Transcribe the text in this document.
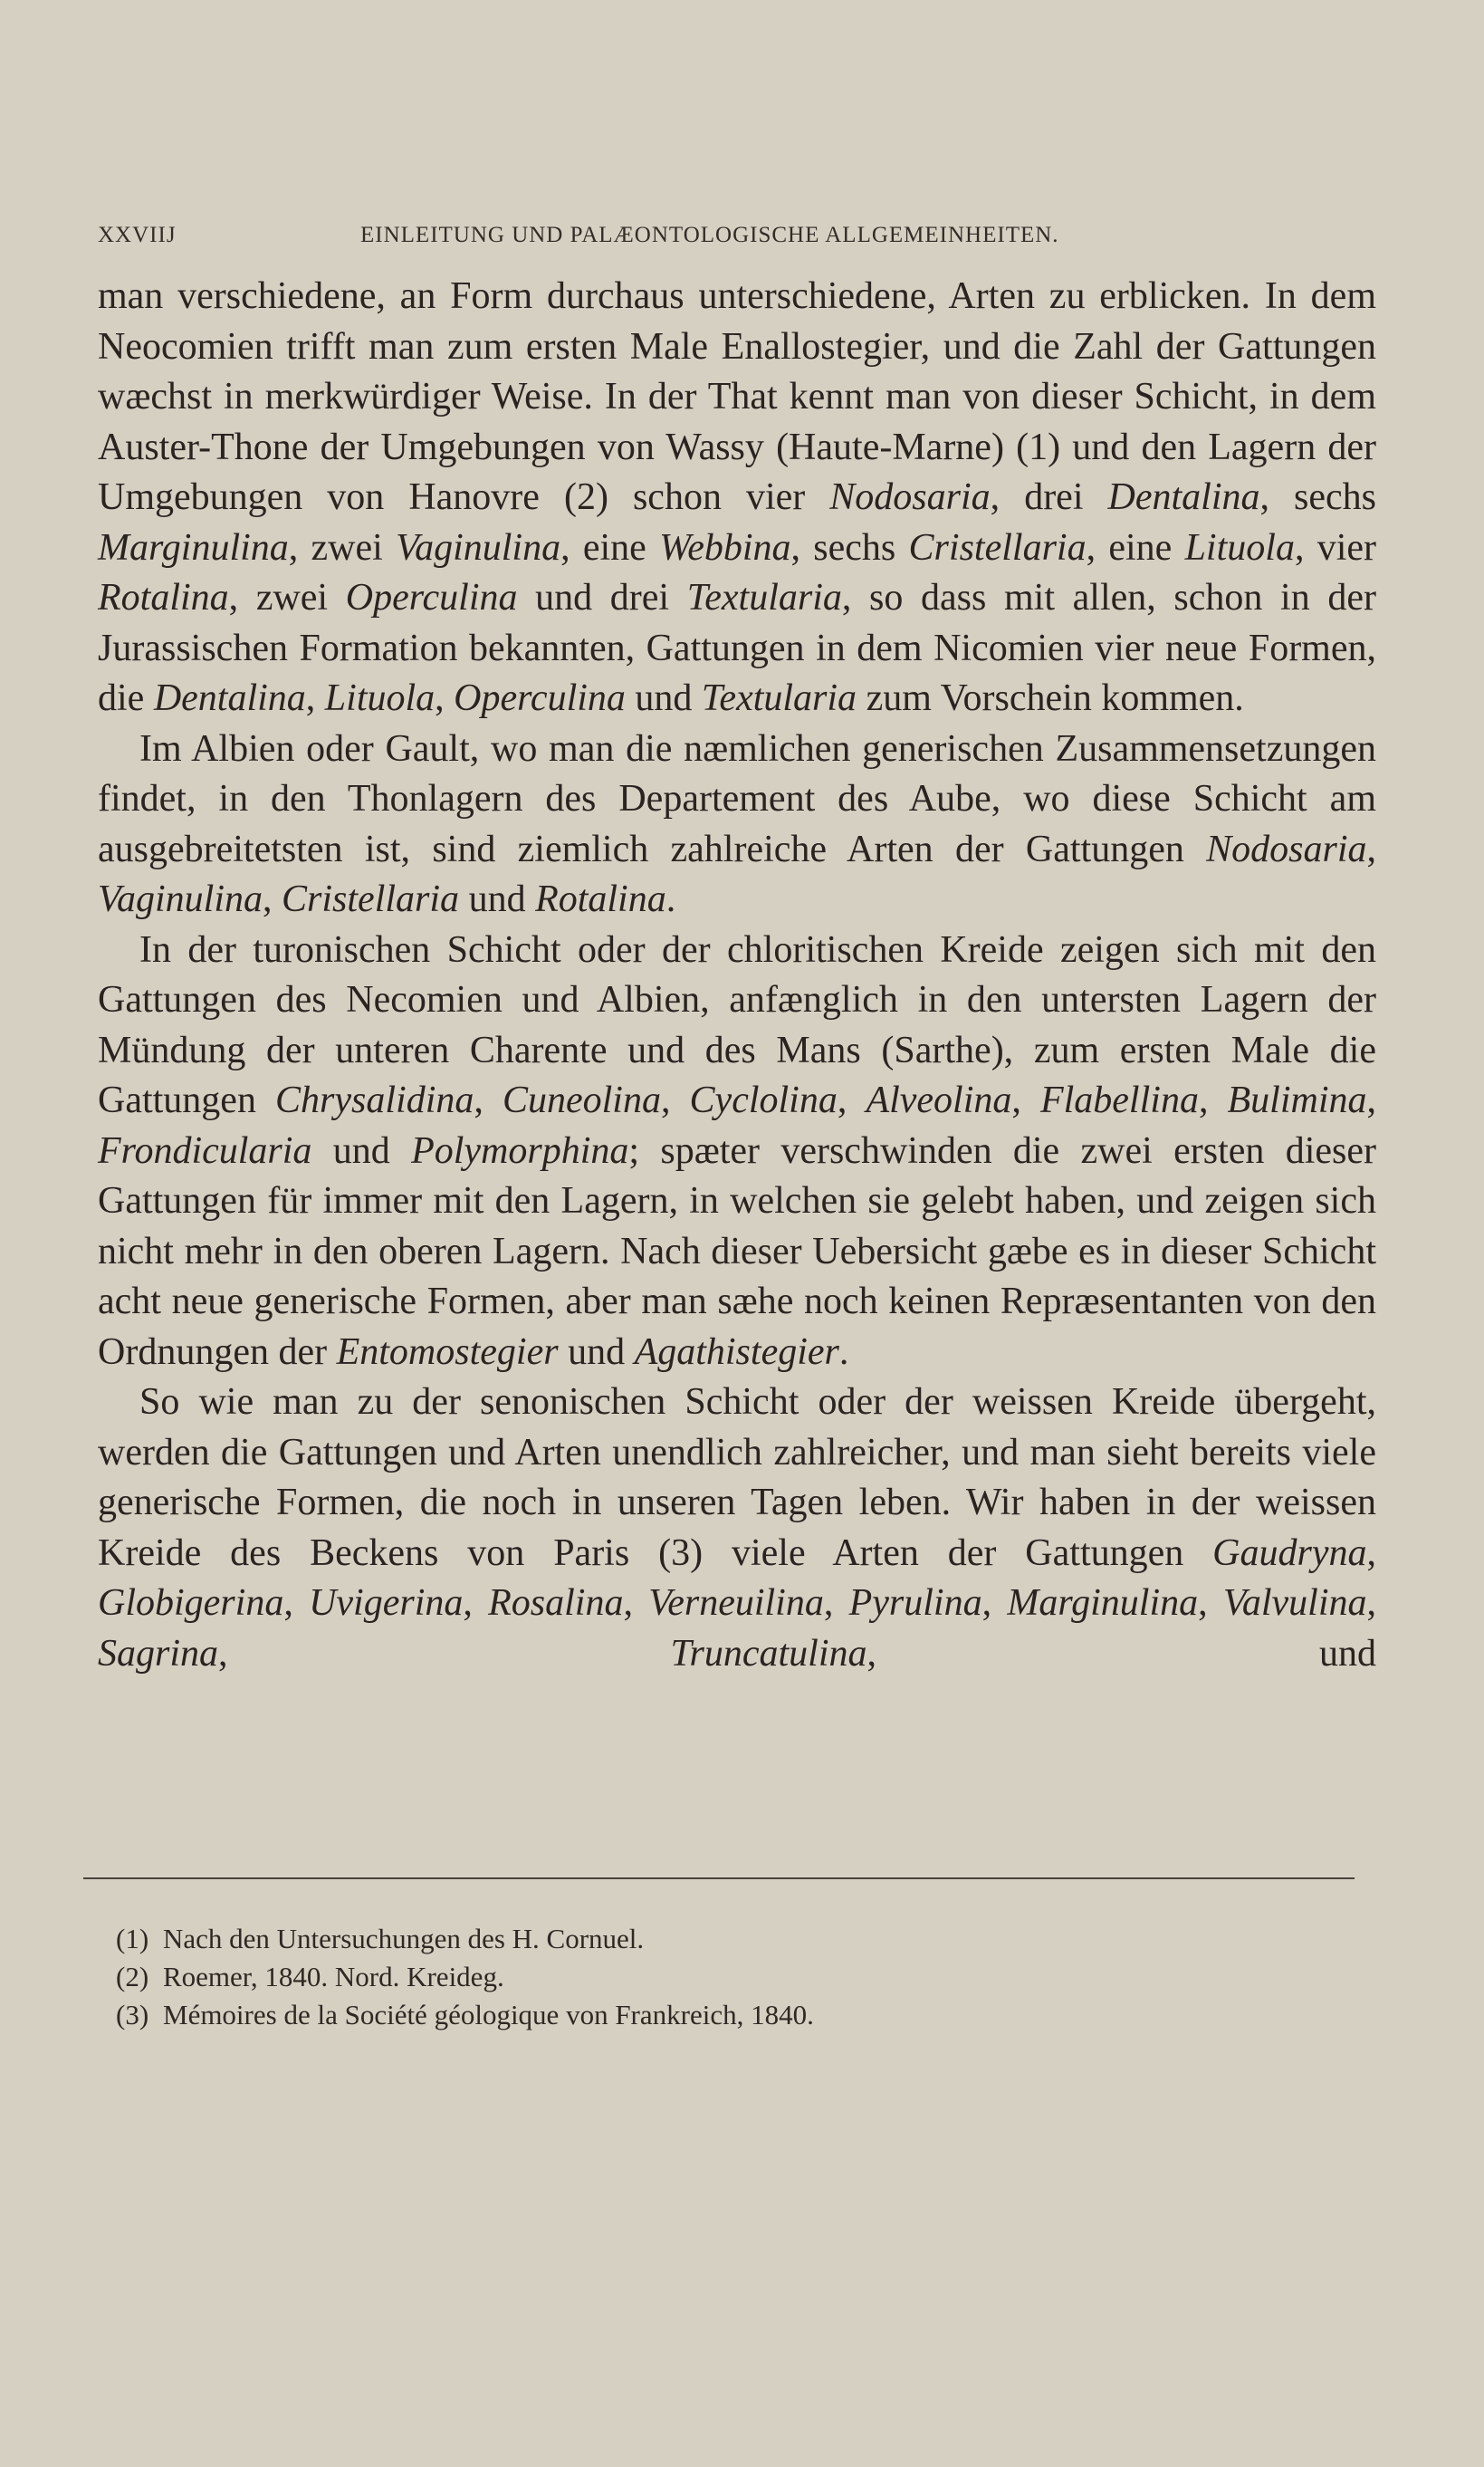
XXVIIJ	EINLEITUNG UND PALÆONTOLOGISCHE ALLGEMEINHEITEN.

man verschiedene, an Form durchaus unterschiedene, Arten zu erblicken. In dem Neocomien trifft man zum ersten Male Enallostegier, und die Zahl der Gattungen wæchst in merkwürdiger Weise. In der That kennt man von dieser Schicht, in dem Auster-Thone der Umgebungen von Wassy (Haute-Marne) (1) und den Lagern der Umgebungen von Hanovre (2) schon vier Nodosaria, drei Dentalina, sechs Marginulina, zwei Vaginulina, eine Webbina, sechs Cristellaria, eine Lituola, vier Rotalina, zwei Operculina und drei Textularia, so dass mit allen, schon in der Jurassischen Formation bekannten, Gattungen in dem Nicomien vier neue Formen, die Dentalina, Lituola, Operculina und Textularia zum Vorschein kommen.

Im Albien oder Gault, wo man die næmlichen generischen Zusammensetzungen findet, in den Thonlagern des Departement des Aube, wo diese Schicht am ausgebreitetsten ist, sind ziemlich zahlreiche Arten der Gattungen Nodosaria, Vaginulina, Cristellaria und Rotalina.

In der turonischen Schicht oder der chloritischen Kreide zeigen sich mit den Gattungen des Necomien und Albien, anfænglich in den untersten Lagern der Mündung der unteren Charente und des Mans (Sarthe), zum ersten Male die Gattungen Chrysalidina, Cuneolina, Cyclolina, Alveolina, Flabellina, Bulimina, Frondicularia und Polymorphina; spæter verschwinden die zwei ersten dieser Gattungen für immer mit den Lagern, in welchen sie gelebt haben, und zeigen sich nicht mehr in den oberen Lagern. Nach dieser Uebersicht gæbe es in dieser Schicht acht neue generische Formen, aber man sæhe noch keinen Repræsentanten von den Ordnungen der Entomostegier und Agathistegier.

So wie man zu der senonischen Schicht oder der weissen Kreide übergeht, werden die Gattungen und Arten unendlich zahlreicher, und man sieht bereits viele generische Formen, die noch in unseren Tagen leben. Wir haben in der weissen Kreide des Beckens von Paris (3) viele Arten der Gattungen Gaudryna, Globigerina, Uvigerina, Rosalina, Verneuilina, Pyrulina, Marginulina, Valvulina, Sagrina, Truncatulina, und

(1) Nach den Untersuchungen des H. Cornuel.
(2) Roemer, 1840. Nord. Kreideg.
(3) Mémoires de la Société géologique von Frankreich, 1840.
